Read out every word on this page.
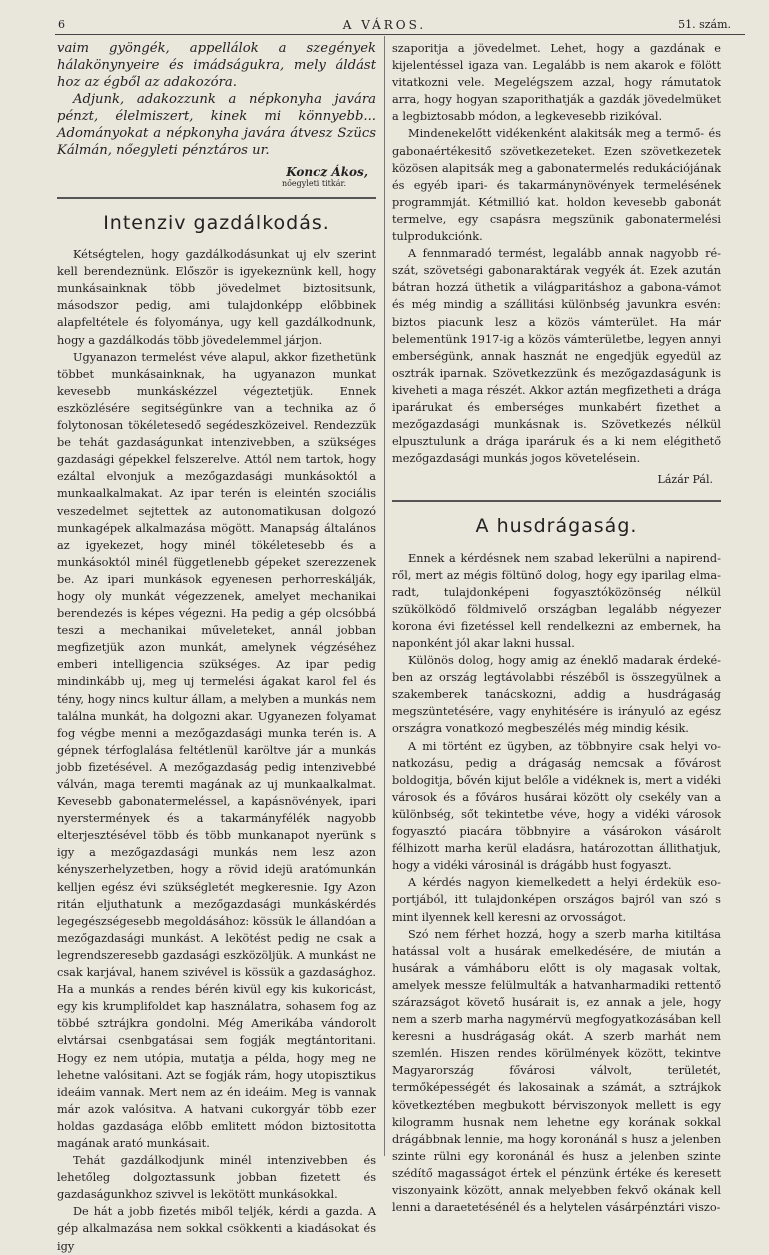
6	A VÁROS.	51. szám.

vaim gyöngék, appellálok a szegények hálakönynyeire és imádságukra, mely áldást hoz az égből az adakozóra.

Adjunk, adakozzunk a népkonyha javára pénzt, élelmiszert, kinek mi könnyebb... Adományokat a népkonyha javára átvesz Szücs Kálmán, nőegyleti pénztáros ur.

Koncz Ákos,
nőegyleti titkár.
Intenziv gazdálkodás.

Kétségtelen, hogy gazdálkodásunkat uj elv szerint kell berendeznünk. Először is igyekeznünk kell, hogy munkásainknak több jövedelmet biztositsunk, másodszor pedig, ami tulajdonképp előbbinek alapfeltétele és folyománya, ugy kell gazdálkodnunk, hogy a gazdálkodás több jövedelemmel járjon.

Ugyanazon termelést véve alapul, akkor fizethetünk többet munkásainknak, ha ugyanazon munkat kevesebb munkáskézzel végeztetjük. Ennek eszközlésére segitségünkre van a technika az ő folytonosan tökéletesedő segédeszközeivel. Rendezzük be tehát gazdaságunkat intenzivebben, a szükséges gazdasági gépekkel felszerelve. Attól nem tartok, hogy ezáltal elvonjuk a mezőgazdasági munkásoktól a munkaalkalmakat. Az ipar terén is eleintén szociális veszedelmet sejtettek az autonomatikusan dolgozó munkagépek alkalmazása mögött. Manapság általános az igyekezet, hogy minél tökéletesebb és a munkásoktól minél függetlenebb gépeket szerezzenek be. Az ipari munkások egyenesen perhorreskálják, hogy oly munkát végezzenek, amelyet mechanikai berendezés is képes végezni. Ha pedig a gép olcsóbbá teszi a mechanikai műveleteket, annál jobban megfizetjük azon munkát, amelynek végzéséhez emberi intelligencia szükséges. Az ipar pedig mindinkább uj, meg uj termelési ágakat karol fel és tény, hogy nincs kultur állam, a melyben a munkás nem találna munkát, ha dolgozni akar. Ugyanezen folyamat fog végbe menni a mezőgazdasági munka terén is. A gépnek térfoglalása feltétlenül karöltve jár a munkás jobb fizetésével. A mezőgazdaság pedig intenzivebbé válván, maga teremti magának az uj munkaalkalmat. Kevesebb gabonatermeléssel, a kapásnövények, ipari nyerstermények és a takarmányfélék nagyobb elterjesztésével több és több munkanapot nyerünk s igy a mezőgazdasági munkás nem lesz azon kényszerhelyzetben, hogy a rövid idejü aratómunkán kelljen egész évi szükségletét megkeresnie. Igy Azon ritán eljuthatunk a mezőgazdasági munkáskérdés legegészségesebb megoldásához: kössük le állandóan a mezőgazdasági munkást. A lekötést pedig ne csak a legrendszeresebb gazdasági eszközöljük. A munkást ne csak karjával, hanem szivével is kössük a gazdasághoz. Ha a munkás a rendes bérén kivül egy kis kukoricást, egy kis krumplifoldet kap használatra, sohasem fog az többé sztrájkra gondolni. Még Amerikába vándorolt elvtársai csenbgatásai sem fogják megtántoritani. Hogy ez nem utópia, mutatja a példa, hogy meg ne lehetne valósitani. Azt se fogják rám, hogy utopisztikus ideáim vannak. Mert nem az én ideáim. Meg is vannak már azok valósitva. A hatvani cukorgyár több ezer holdas gazdasága előbb emlitett módon biztositotta magának arató munkásait.

Tehát gazdálkodjunk minél intenzivebben és lehetőleg dolgoztassunk jobban fizetett és gazdaságunkhoz szivvel is lekötött munkásokkal.

De hát a jobb fizetés miből teljék, kérdi a gazda. A gép alkalmazása nem sokkal csökkenti a kiadásokat és igy

szaporitja a jövedelmet. Lehet, hogy a gazdának e kijelentéssel igaza van. Legalább is nem akarok e fölött vitatkozni vele. Megelégszem azzal, hogy rámutatok arra, hogy hogyan szaporithatják a gazdák jövedelmüket a legbiztosabb módon, a legkevesebb rizikóval.

Mindenekelőtt vidékenként alakitsák meg a termő- és gabonaértékesitő szövetkezeteket. Ezen szövetkezetek közösen alapitsák meg a gabonatermelés redukációjának és egyéb ipari- és takarmánynövények termelésének programmját. Kétmillió kat. holdon kevesebb gabonát termelve, egy csapásra megszünik gabonatermelési tulprodukciónk.

A fennmaradó termést, legalább annak nagyobb részát, szövetségi gabonaraktárak vegyék át. Ezek azután bátran hozzá üthetik a világparitáshoz a gabona-vámot és még mindig a szállitási különbség javunkra esvén: biztos piacunk lesz a közös vámterület. Ha már belementünk 1917-ig a közös vámterületbe, legyen annyi emberségünk, annak hasznát ne engedjük egyedül az osztrák iparnak. Szövetkezzünk és mezőgazdaságunk is kiveheti a maga részét. Akkor aztán megfizetheti a drága iparárukat és emberséges munkabért fizethet a mezőgazdasági munkásnak is. Szövetkezés nélkül elpusztulunk a drága iparáruk és a ki nem elégithető mezőgazdasági munkás jogos követelésein.

Lázár Pál.
A husdrágaság.

Ennek a kérdésnek nem szabad lekerülni a napirendről, mert az mégis föltünő dolog, hogy egy iparilag elmaradt, tulajdonképeni fogyasztóközönség nélkül szükölködő földmivelő országban legalább négyezer korona évi fizetéssel kell rendelkezni az embernek, ha naponként jól akar lakni hussal.

Különös dolog, hogy amig az éneklő madarak érdekében az ország legtávolabbi részéből is összegyülnek a szakemberek tanácskozni, addig a husdrágaság megszüntetésére, vagy enyhitésére is irányuló az egész országra vonatkozó megbeszélés még mindig késik.

A mi történt ez ügyben, az többnyire csak helyi vonatkozásu, pedig a drágaság nemcsak a fővárost boldogitja, bővén kijut belőle a vidéknek is, mert a vidéki városok és a főváros husárai között oly csekély van a különbség, sőt tekintetbe véve, hogy a vidéki városok fogyasztó piacára többnyire a vásárokon vásárolt félhizott marha kerül eladásra, határozottan állithatjuk, hogy a vidéki városinál is drágább hust fogyaszt.

A kérdés nagyon kiemelkedett a helyi érdekük esoportjából, itt tulajdonképen országos bajról van szó s mint ilyennek kell keresni az orvosságot.

Szó nem férhet hozzá, hogy a szerb marha kitiltása hatással volt a husárak emelkedésére, de miután a husárak a vámháboru előtt is oly magasak voltak, amelyek messze felülmulták a hatvanharmadiki rettentő szárazságot követő husárait is, ez annak a jele, hogy nem a szerb marha nagymérvü megfogyatkozásában kell keresni a husdrágaság okát. A szerb marhát nem szemlén. Hiszen rendes körülmények között, tekintve Magyarország fővárosi válvolt, területét, termőképességét és lakosainak a számát, a sztrájkok következtében megbukott bérviszonyok mellett is egy kilogramm husnak nem lehetne egy korának sokkal drágábbnak lennie, ma hogy koronánál s husz a jelenben szinte rülni egy koronánál és husz a jelenben szinte szédítő magasságot értek el pénzünk értéke és keresett viszonyaink között, annak melyebben fekvő okának kell lenni a daraetetésénél és a helytelen vásárpénztári viszo-
